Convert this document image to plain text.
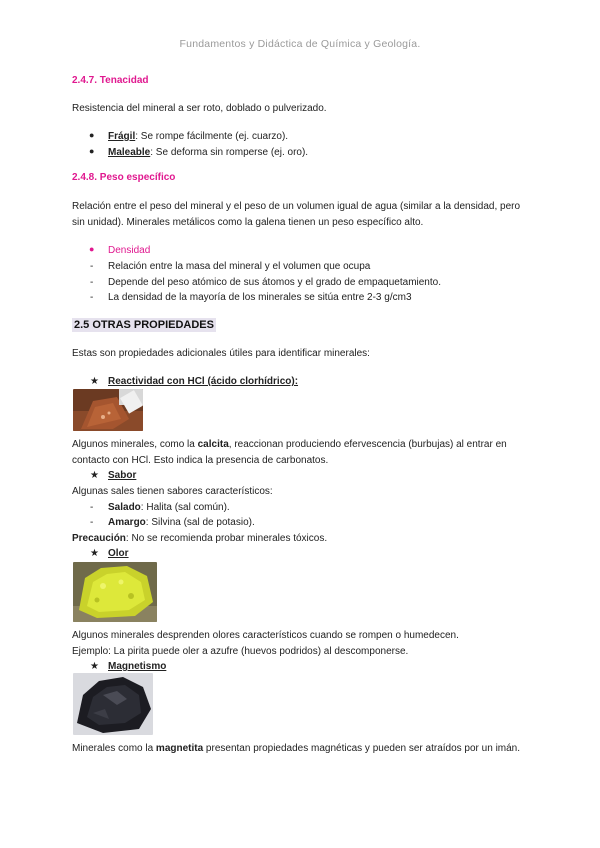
Fundamentos y Didáctica de Química y Geología.
2.4.7. Tenacidad
Resistencia del mineral a ser roto, doblado o pulverizado.
● Frágil: Se rompe fácilmente (ej. cuarzo).
● Maleable: Se deforma sin romperse (ej. oro).
2.4.8. Peso específico
Relación entre el peso del mineral y el peso de un volumen igual de agua (similar a la densidad, pero
sin unidad). Minerales metálicos como la galena tienen un peso específico alto.
● Densidad
- Relación entre la masa del mineral y el volumen que ocupa
- Depende del peso atómico de sus átomos y el grado de empaquetamiento.
- La densidad de la mayoría de los minerales se sitúa entre 2-3 g/cm3
2.5 OTRAS PROPIEDADES
Estas son propiedades adicionales útiles para identificar minerales:
★ Reactividad con HCl (ácido clorhídrico):
Algunos minerales, como la calcita, reaccionan produciendo efervescencia (burbujas) al entrar en
contacto con HCl. Esto indica la presencia de carbonatos.
★ Sabor
Algunas sales tienen sabores característicos:
- Salado: Halita (sal común).
- Amargo: Silvina (sal de potasio).
Precaución: No se recomienda probar minerales tóxicos.
★ Olor
Algunos minerales desprenden olores característicos cuando se rompen o humedecen.
Ejemplo: La pirita puede oler a azufre (huevos podridos) al descomponerse.
★ Magnetismo
Minerales como la magnetita presentan propiedades magnéticas y pueden ser atraídos por un imán.
